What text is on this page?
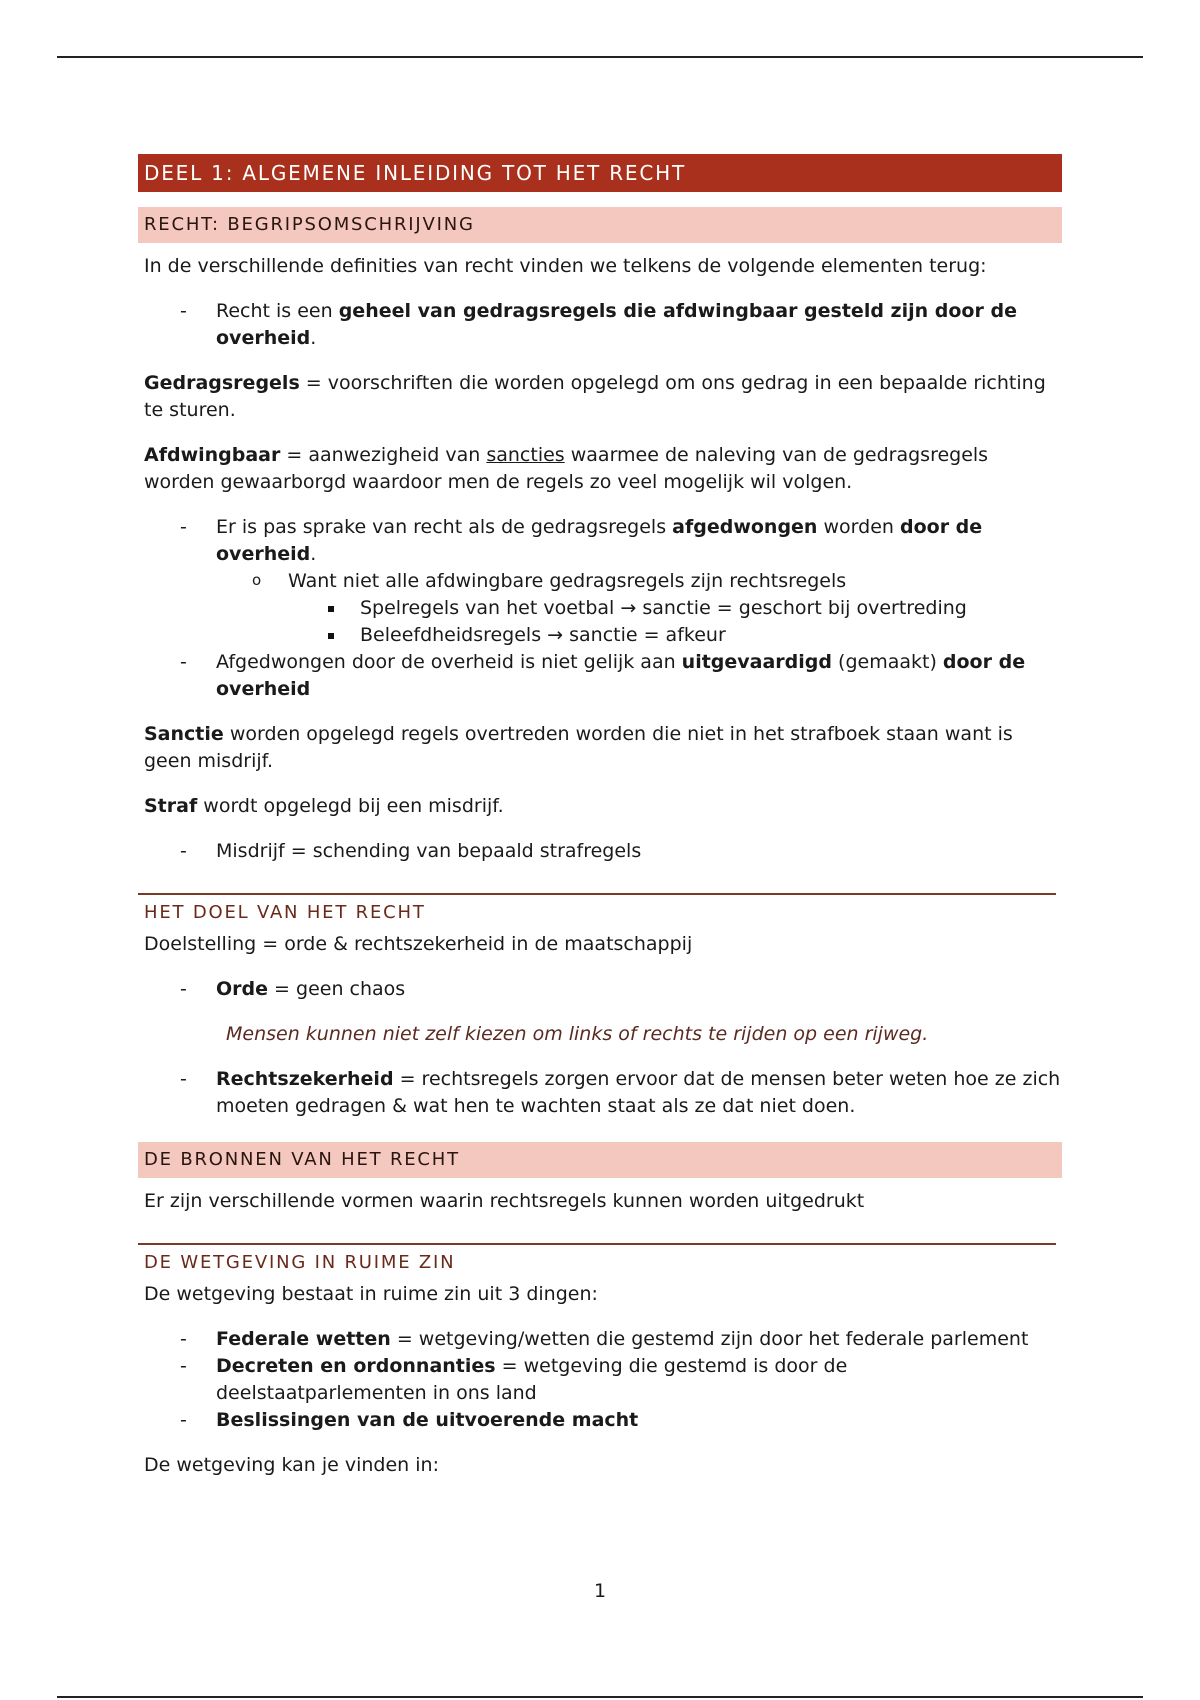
DEEL 1: ALGEMENE INLEIDING TOT HET RECHT
RECHT: BEGRIPSOMSCHRIJVING

In de verschillende definities van recht vinden we telkens de volgende elementen terug:

- Recht is een geheel van gedragsregels die afdwingbaar gesteld zijn door de overheid.

Gedragsregels = voorschriften die worden opgelegd om ons gedrag in een bepaalde richting te sturen.

Afdwingbaar = aanwezigheid van sancties waarmee de naleving van de gedragsregels worden gewaarborgd waardoor men de regels zo veel mogelijk wil volgen.

- Er is pas sprake van recht als de gedragsregels afgedwongen worden door de overheid.
o Want niet alle afdwingbare gedragsregels zijn rechtsregels
Spelregels van het voetbal → sanctie = geschort bij overtreding
Beleefdheidsregels → sanctie = afkeur
- Afgedwongen door de overheid is niet gelijk aan uitgevaardigd (gemaakt) door de overheid

Sanctie worden opgelegd regels overtreden worden die niet in het strafboek staan want is geen misdrijf.

Straf wordt opgelegd bij een misdrijf.

- Misdrijf = schending van bepaald strafregels
HET DOEL VAN HET RECHT

Doelstelling = orde & rechtszekerheid in de maatschappij

- Orde = geen chaos
Mensen kunnen niet zelf kiezen om links of rechts te rijden op een rijweg.
- Rechtszekerheid = rechtsregels zorgen ervoor dat de mensen beter weten hoe ze zich moeten gedragen & wat hen te wachten staat als ze dat niet doen.
DE BRONNEN VAN HET RECHT

Er zijn verschillende vormen waarin rechtsregels kunnen worden uitgedrukt

DE WETGEVING IN RUIME ZIN

De wetgeving bestaat in ruime zin uit 3 dingen:

- Federale wetten = wetgeving/wetten die gestemd zijn door het federale parlement
- Decreten en ordonnanties = wetgeving die gestemd is door de deelstaatparlementen in ons land
- Beslissingen van de uitvoerende macht

De wetgeving kan je vinden in:

1
